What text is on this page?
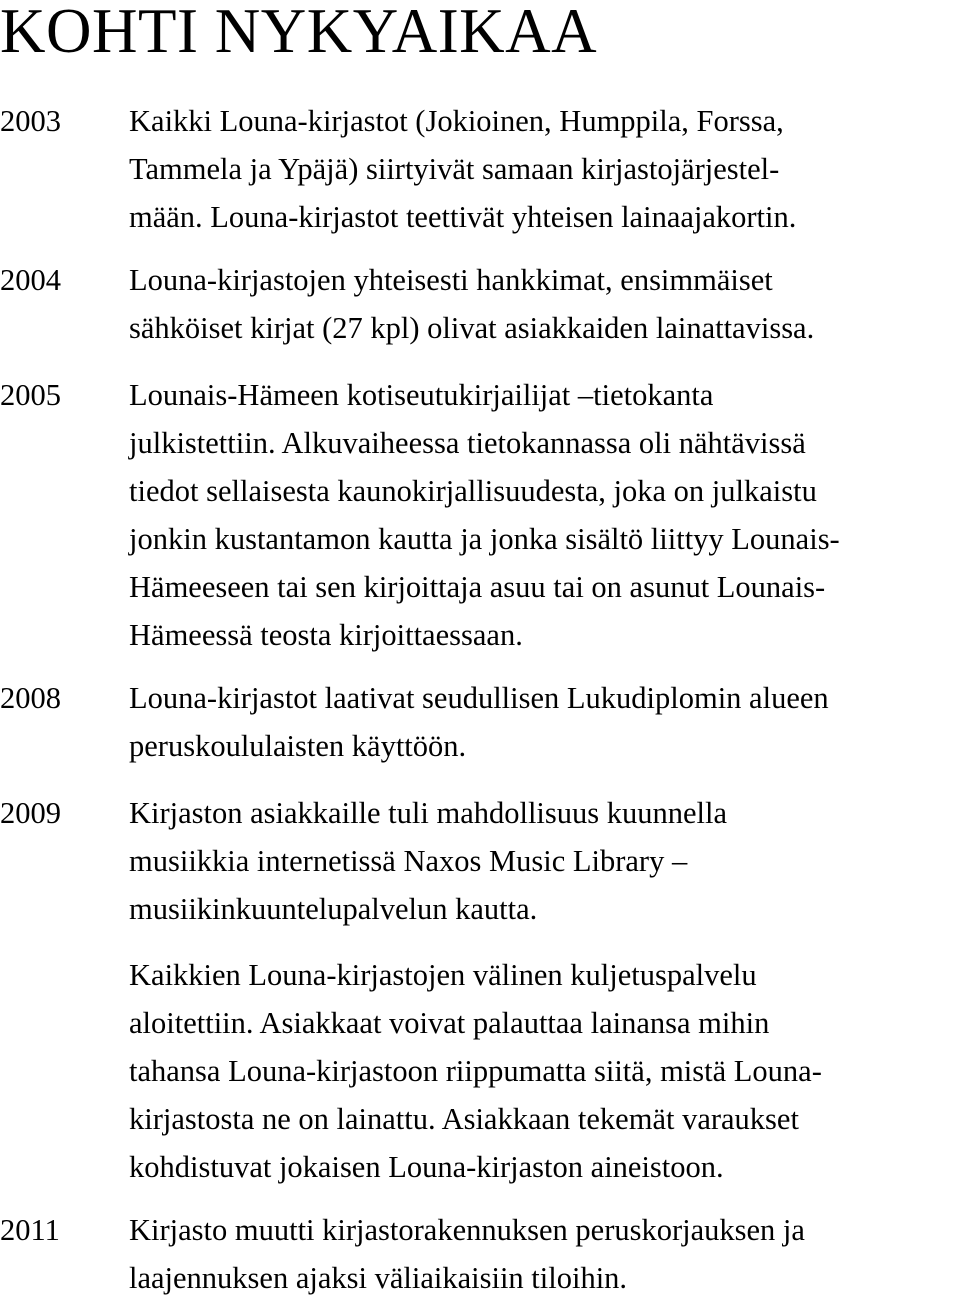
KOHTI NYKYAIKAA
2003	Kaikki Louna-kirjastot (Jokioinen, Humppila, Forssa,
Tammela ja Ypäjä) siirtyivät samaan kirjastojärjestel-
mään. Louna-kirjastot teettivät yhteisen lainaajakortin.

2004	Louna-kirjastojen yhteisesti hankkimat, ensimmäiset
sähköiset kirjat (27 kpl) olivat asiakkaiden lainattavissa.

2005	Lounais-Hämeen kotiseutukirjailijat –tietokanta
julkistettiin. Alkuvaiheessa tietokannassa oli nähtävissä
tiedot sellaisesta kaunokirjallisuudesta, joka on julkaistu
jonkin kustantamon kautta ja jonka sisältö liittyy Lounais-
Hämeeseen tai sen kirjoittaja asuu tai on asunut Lounais-
Hämeessä teosta kirjoittaessaan.

2008	Louna-kirjastot laativat seudullisen Lukudiplomin alueen
peruskoululaisten käyttöön.

2009	Kirjaston asiakkaille tuli mahdollisuus kuunnella
musiikkia internetissä Naxos Music Library –
musiikinkuuntelupalvelun kautta.

Kaikkien Louna-kirjastojen välinen kuljetuspalvelu
aloitettiin. Asiakkaat voivat palauttaa lainansa mihin
tahansa Louna-kirjastoon riippumatta siitä, mistä Louna-
kirjastosta ne on lainattu. Asiakkaan tekemät varaukset
kohdistuvat jokaisen Louna-kirjaston aineistoon.

2011	Kirjasto muutti kirjastorakennuksen peruskorjauksen ja
laajennuksen ajaksi väliaikaisiin tiloihin.
